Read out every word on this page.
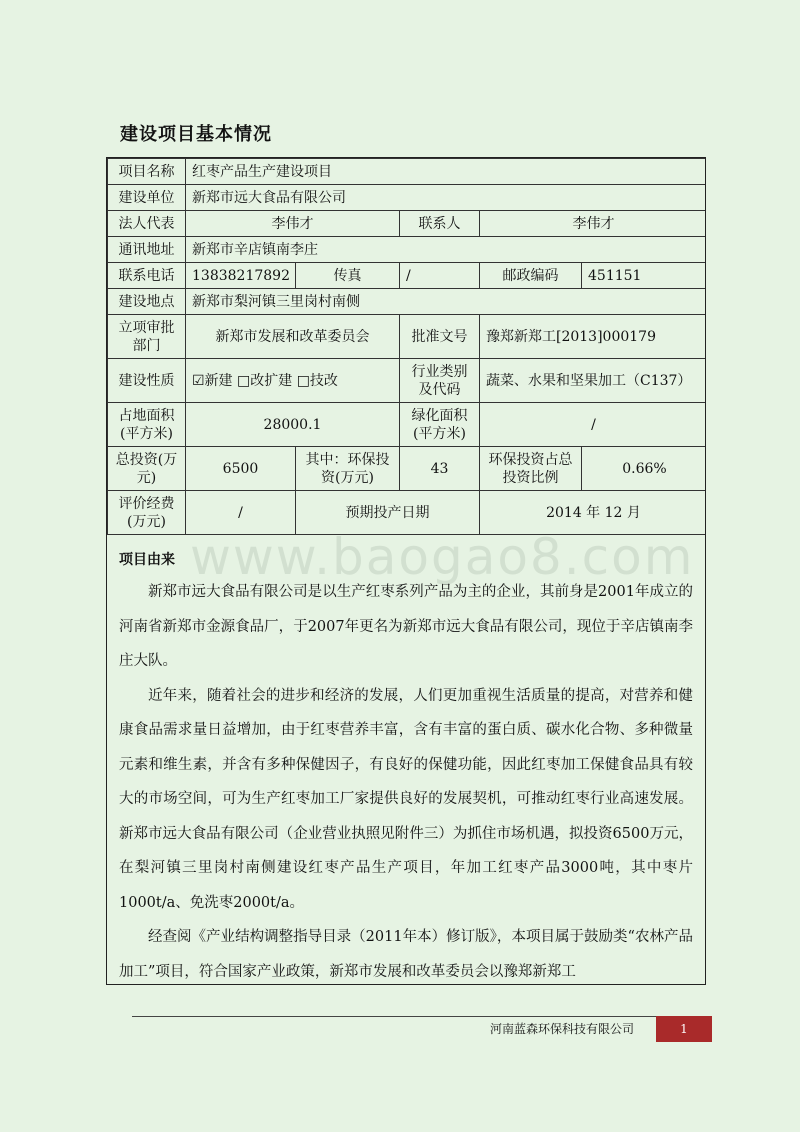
建设项目基本情况
项目名称	红枣产品生产建设项目				
建设单位	新郑市远大食品有限公司				
法人代表	李伟才		联系人	李伟才	
通讯地址	新郑市辛店镇南李庄				
联系电话	13838217892	传真	/	邮政编码	451151
建设地点	新郑市梨河镇三里岗村南侧				
立项审批部门	新郑市发展和改革委员会		批准文号	豫郑新郑工[2013]000179	
建设性质	☑新建 □改扩建 □技改		行业类别及代码	蔬菜、水果和坚果加工（C137）	
占地面积(平方米)	28000.1		绿化面积(平方米)	/	
总投资(万元)	6500	其中：环保投资(万元)	43	环保投资占总投资比例	0.66%
评价经费(万元)	/	预期投产日期		2014 年 12 月	
项目由来

新郑市远大食品有限公司是以生产红枣系列产品为主的企业，其前身是2001年成立的河南省新郑市金源食品厂，于2007年更名为新郑市远大食品有限公司，现位于辛店镇南李庄大队。

近年来，随着社会的进步和经济的发展，人们更加重视生活质量的提高，对营养和健康食品需求量日益增加，由于红枣营养丰富，含有丰富的蛋白质、碳水化合物、多种微量元素和维生素，并含有多种保健因子，有良好的保健功能，因此红枣加工保健食品具有较大的市场空间，可为生产红枣加工厂家提供良好的发展契机，可推动红枣行业高速发展。新郑市远大食品有限公司（企业营业执照见附件三）为抓住市场机遇，拟投资6500万元，在梨河镇三里岗村南侧建设红枣产品生产项目，年加工红枣产品3000吨，其中枣片1000t/a、免洗枣2000t/a。

经查阅《产业结构调整指导目录（2011年本）修订版》，本项目属于鼓励类“农林产品加工”项目，符合国家产业政策，新郑市发展和改革委员会以豫郑新郑工

www.baogao8.com
河南蓝森环保科技有限公司	1
